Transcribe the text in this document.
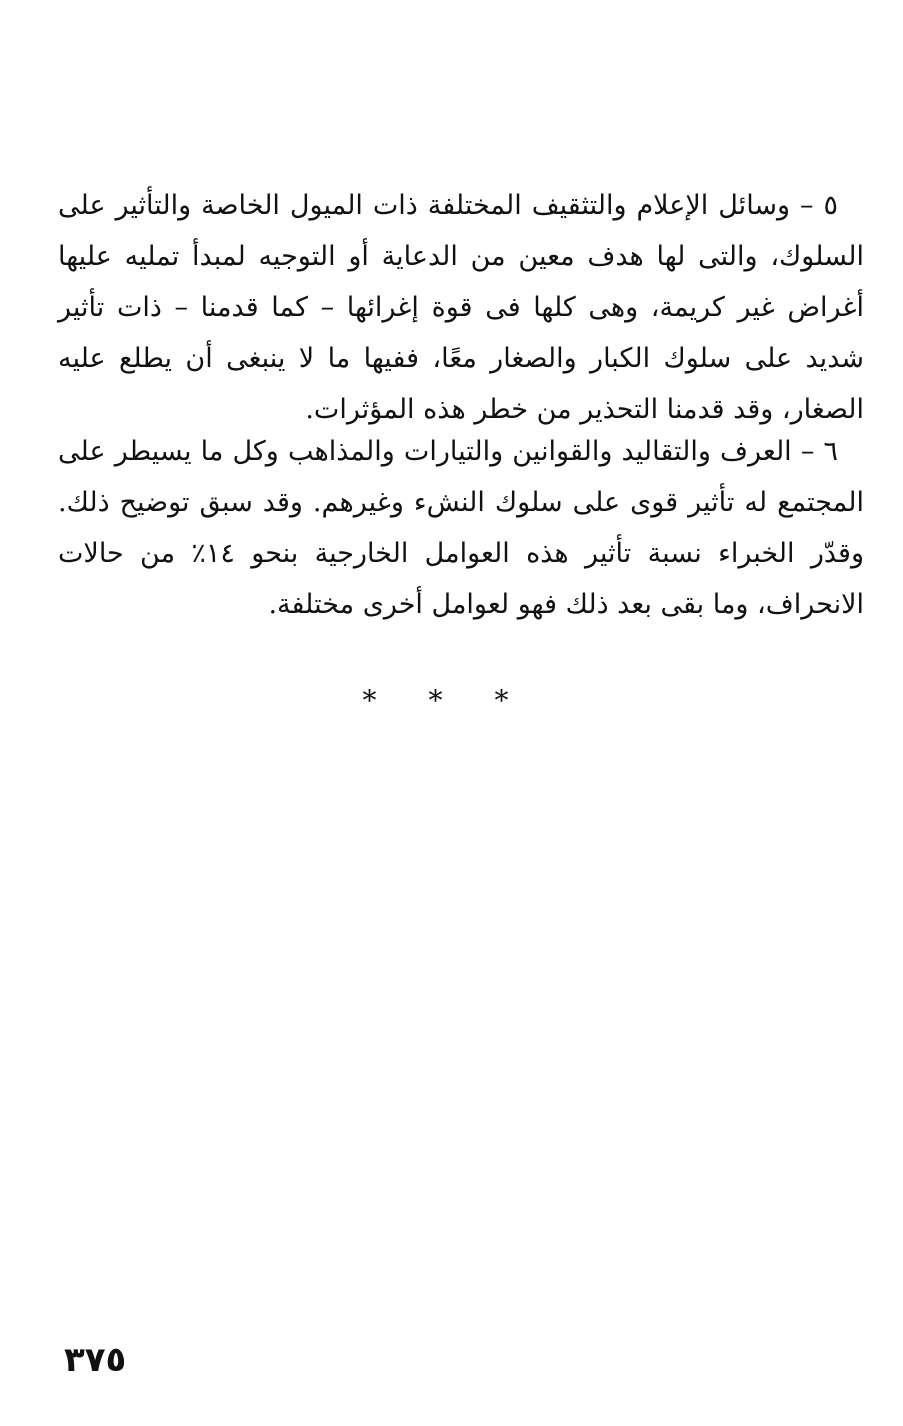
٥ – وسائل الإعلام والتثقيف المختلفة ذات الميول الخاصة والتأثير على السلوك، والتى لها هدف معين من الدعاية أو التوجيه لمبدأ تمليه عليها أغراض غير كريمة، وهى كلها فى قوة إغرائها – كما قدمنا – ذات تأثير شديد على سلوك الكبار والصغار معًا، ففيها ما لا ينبغى أن يطلع عليه الصغار، وقد قدمنا التحذير من خطر هذه المؤثرات.

٦ – العرف والتقاليد والقوانين والتيارات والمذاهب وكل ما يسيطر على المجتمع له تأثير قوى على سلوك النشء وغيرهم. وقد سبق توضيح ذلك. وقدّر الخبراء نسبة تأثير هذه العوامل الخارجية بنحو ١٤٪ من حالات الانحراف، وما بقى بعد ذلك فهو لعوامل أخرى مختلفة.

* * *
٣٧٥
